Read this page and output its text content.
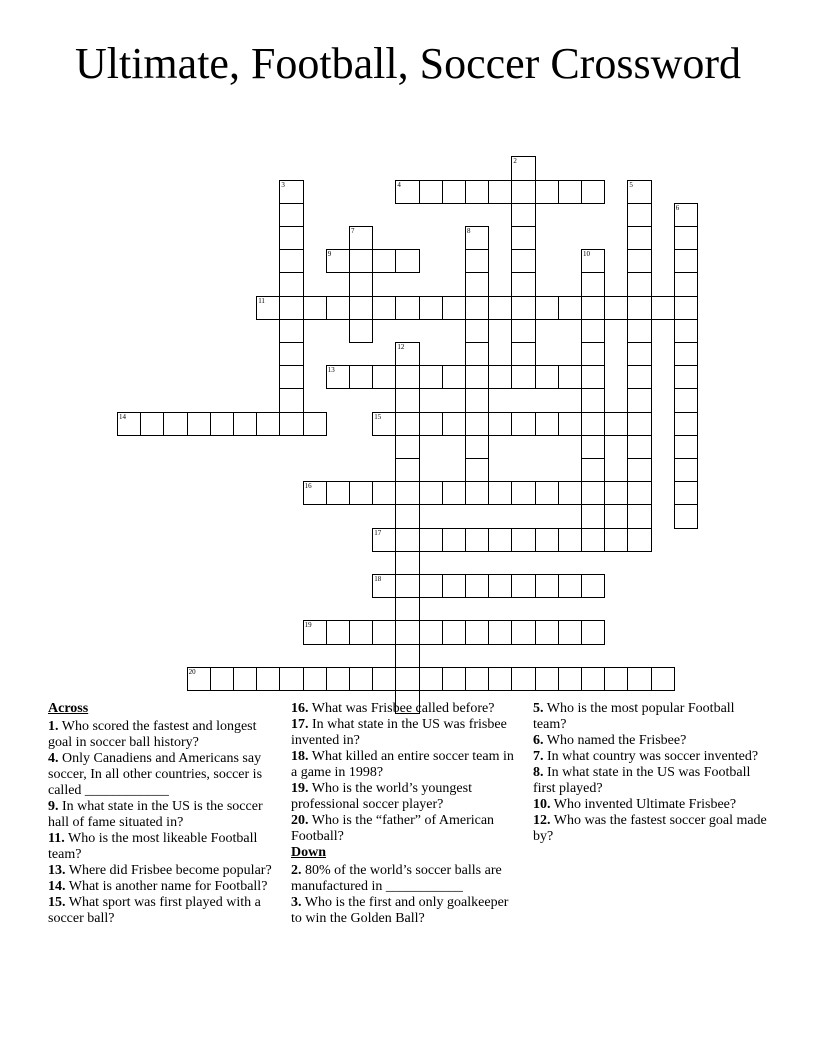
Ultimate, Football, Soccer Crossword
2
3	4	5
6
7	8
9	10
11
12
13
14	15
16
17
18
19
20
Across
1. Who scored the fastest and longest goal in soccer ball history?
4. Only Canadiens and Americans say soccer, In all other countries, soccer is called ____________
9. In what state in the US is the soccer hall of fame situated in?
11. Who is the most likeable Football team?
13. Where did Frisbee become popular?
14. What is another name for Football?
15. What sport was first played with a soccer ball?
16. What was Frisbee called before?
17. In what state in the US was frisbee invented in?
18. What killed an entire soccer team in a game in 1998?
19. Who is the world’s youngest professional soccer player?
20. Who is the “father” of American Football?
Down
2. 80% of the world’s soccer balls are manufactured in ___________
3. Who is the first and only goalkeeper to win the Golden Ball?
5. Who is the most popular Football team?
6. Who named the Frisbee?
7. In what country was soccer invented?
8. In what state in the US was Football first played?
10. Who invented Ultimate Frisbee?
12. Who was the fastest soccer goal made by?
